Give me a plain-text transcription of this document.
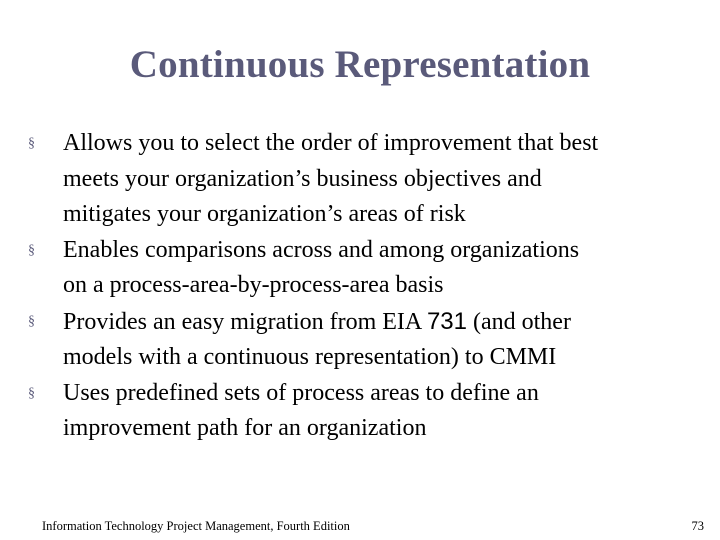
Continuous Representation
§ Allows you to select the order of improvement that best
meets your organization’s business objectives and
mitigates your organization’s areas of risk
§ Enables comparisons across and among organizations
on a process-area-by-process-area basis
§ Provides an easy migration from EIA 731 (and other
models with a continuous representation) to CMMI
§ Uses predefined sets of process areas to define an
improvement path for an organization
Information Technology Project Management, Fourth Edition	73
